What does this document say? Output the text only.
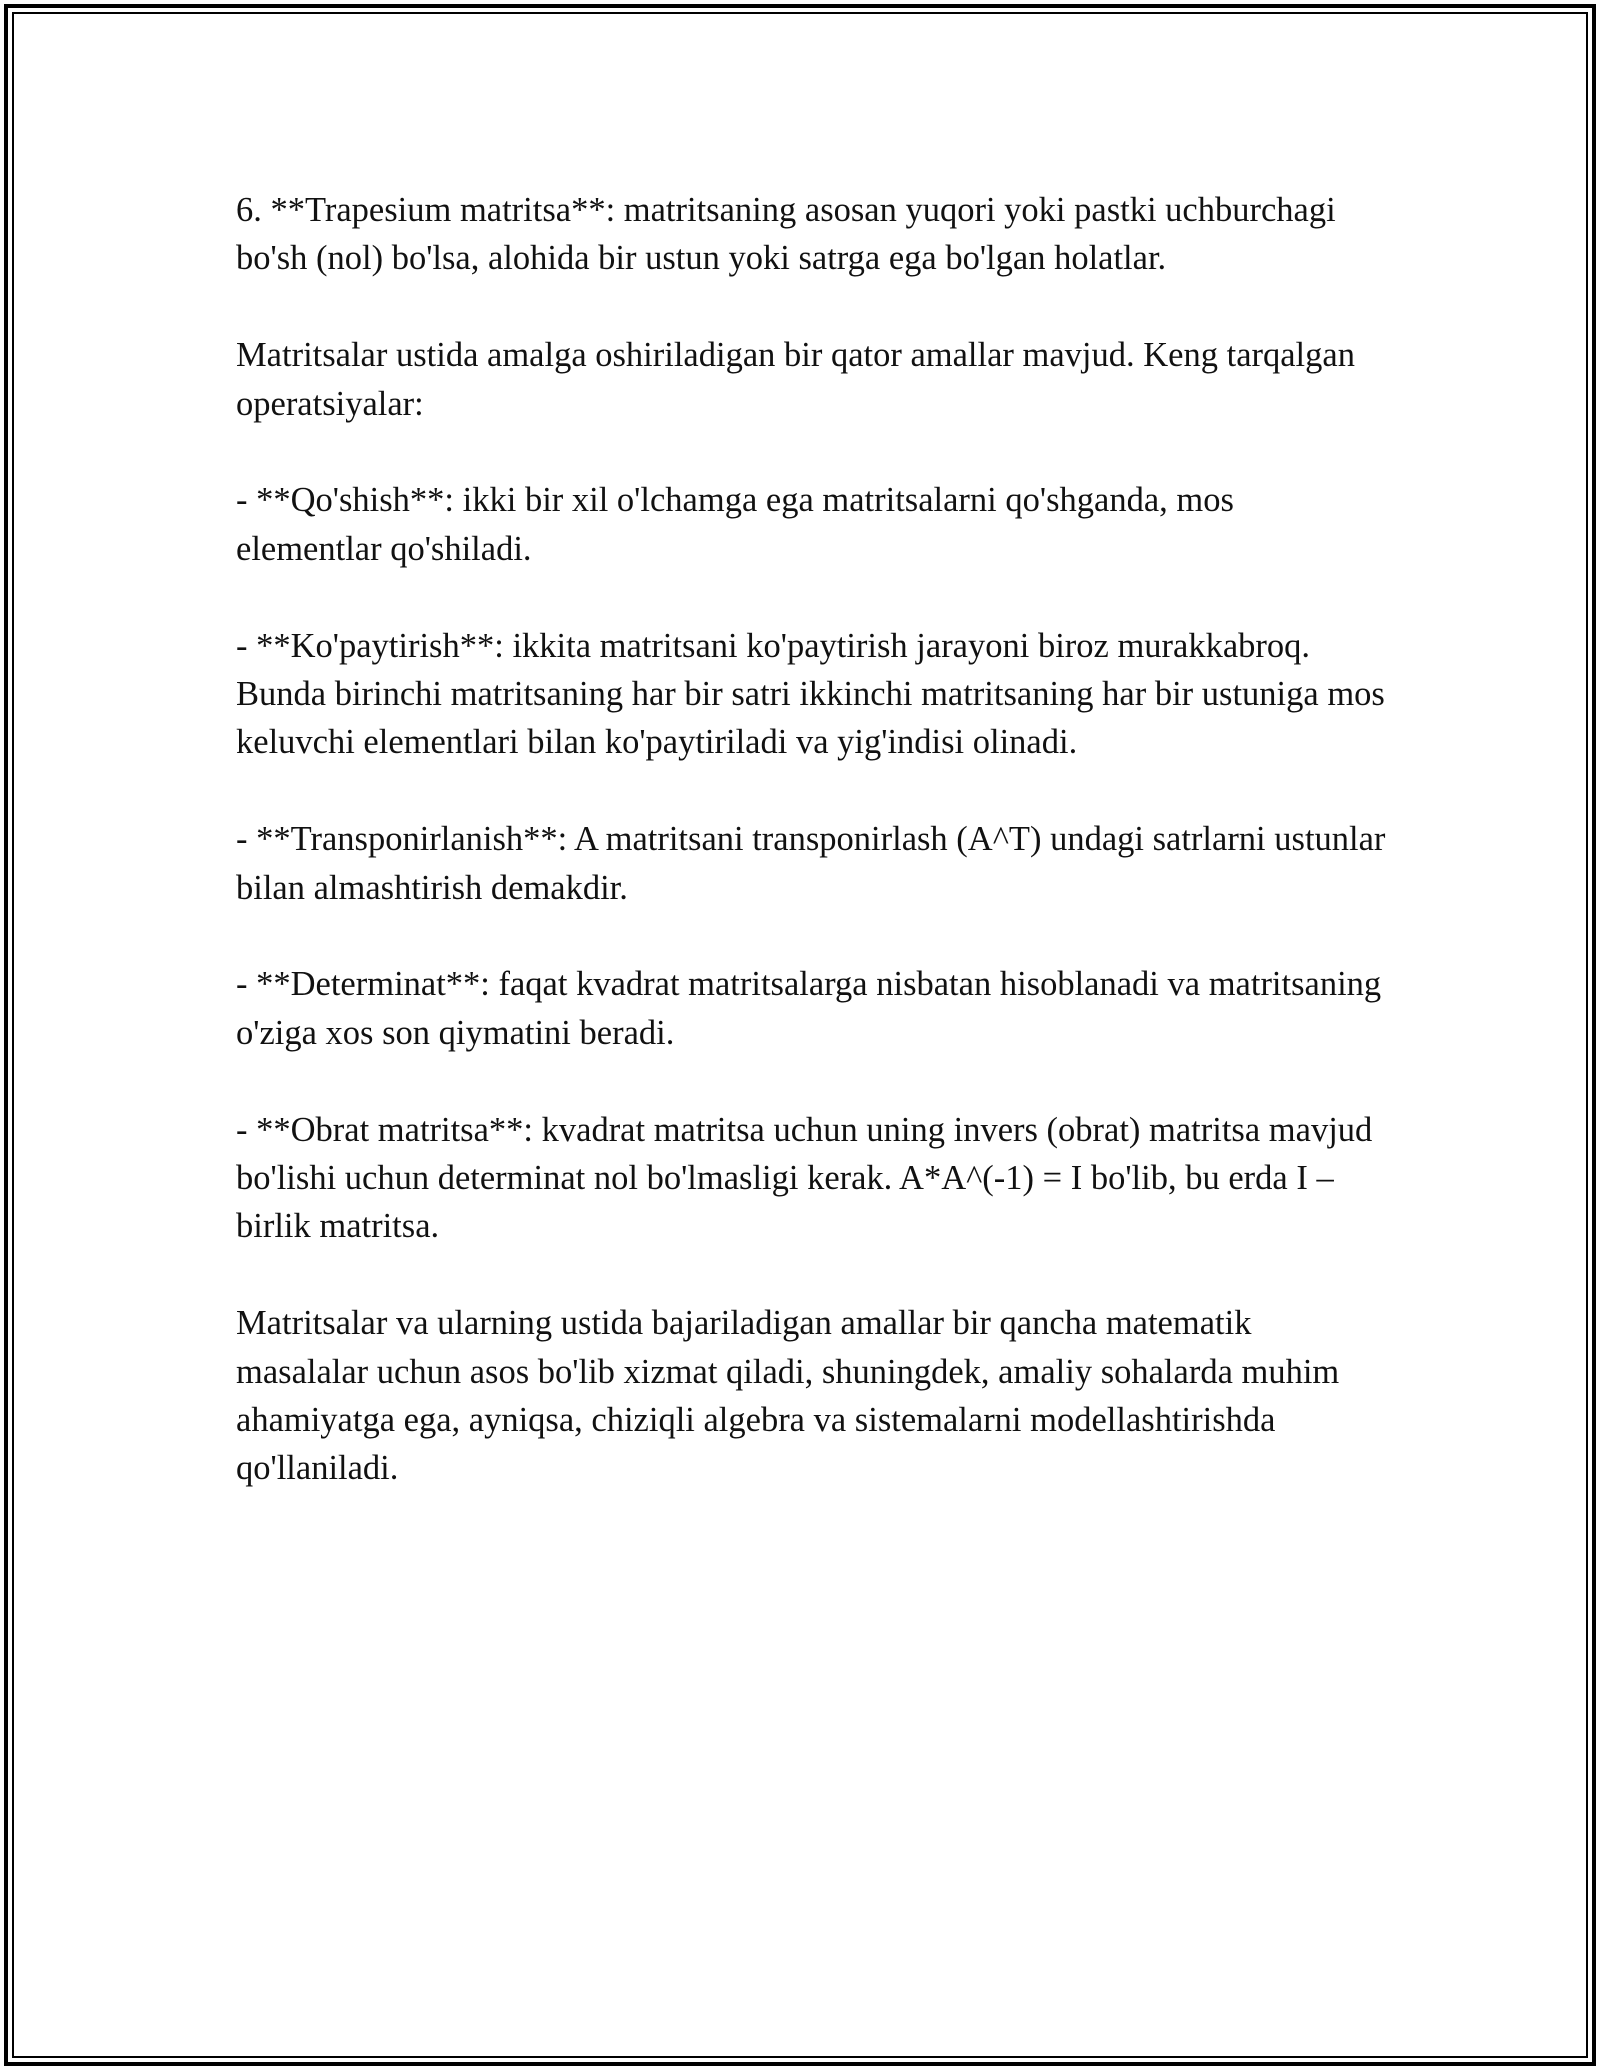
6. **Trapesium matritsa**: matritsaning asosan yuqori yoki pastki uchburchagi bo'sh (nol) bo'lsa, alohida bir ustun yoki satrga ega bo'lgan holatlar.

Matritsalar ustida amalga oshiriladigan bir qator amallar mavjud. Keng tarqalgan operatsiyalar:

- **Qo'shish**: ikki bir xil o'lchamga ega matritsalarni qo'shganda, mos elementlar qo'shiladi.

- **Ko'paytirish**: ikkita matritsani ko'paytirish jarayoni biroz murakkabroq. Bunda birinchi matritsaning har bir satri ikkinchi matritsaning har bir ustuniga mos keluvchi elementlari bilan ko'paytiriladi va yig'indisi olinadi.

- **Transponirlanish**: A matritsani transponirlash (A^T) undagi satrlarni ustunlar bilan almashtirish demakdir.

- **Determinat**: faqat kvadrat matritsalarga nisbatan hisoblanadi va matritsaning o'ziga xos son qiymatini beradi.

- **Obrat matritsa**: kvadrat matritsa uchun uning invers (obrat) matritsa mavjud bo'lishi uchun determinat nol bo'lmasligi kerak. A*A^(-1) = I bo'lib, bu erda I – birlik matritsa.

Matritsalar va ularning ustida bajariladigan amallar bir qancha matematik masalalar uchun asos bo'lib xizmat qiladi, shuningdek, amaliy sohalarda muhim ahamiyatga ega, ayniqsa, chiziqli algebra va sistemalarni modellashtirishda qo'llaniladi.
